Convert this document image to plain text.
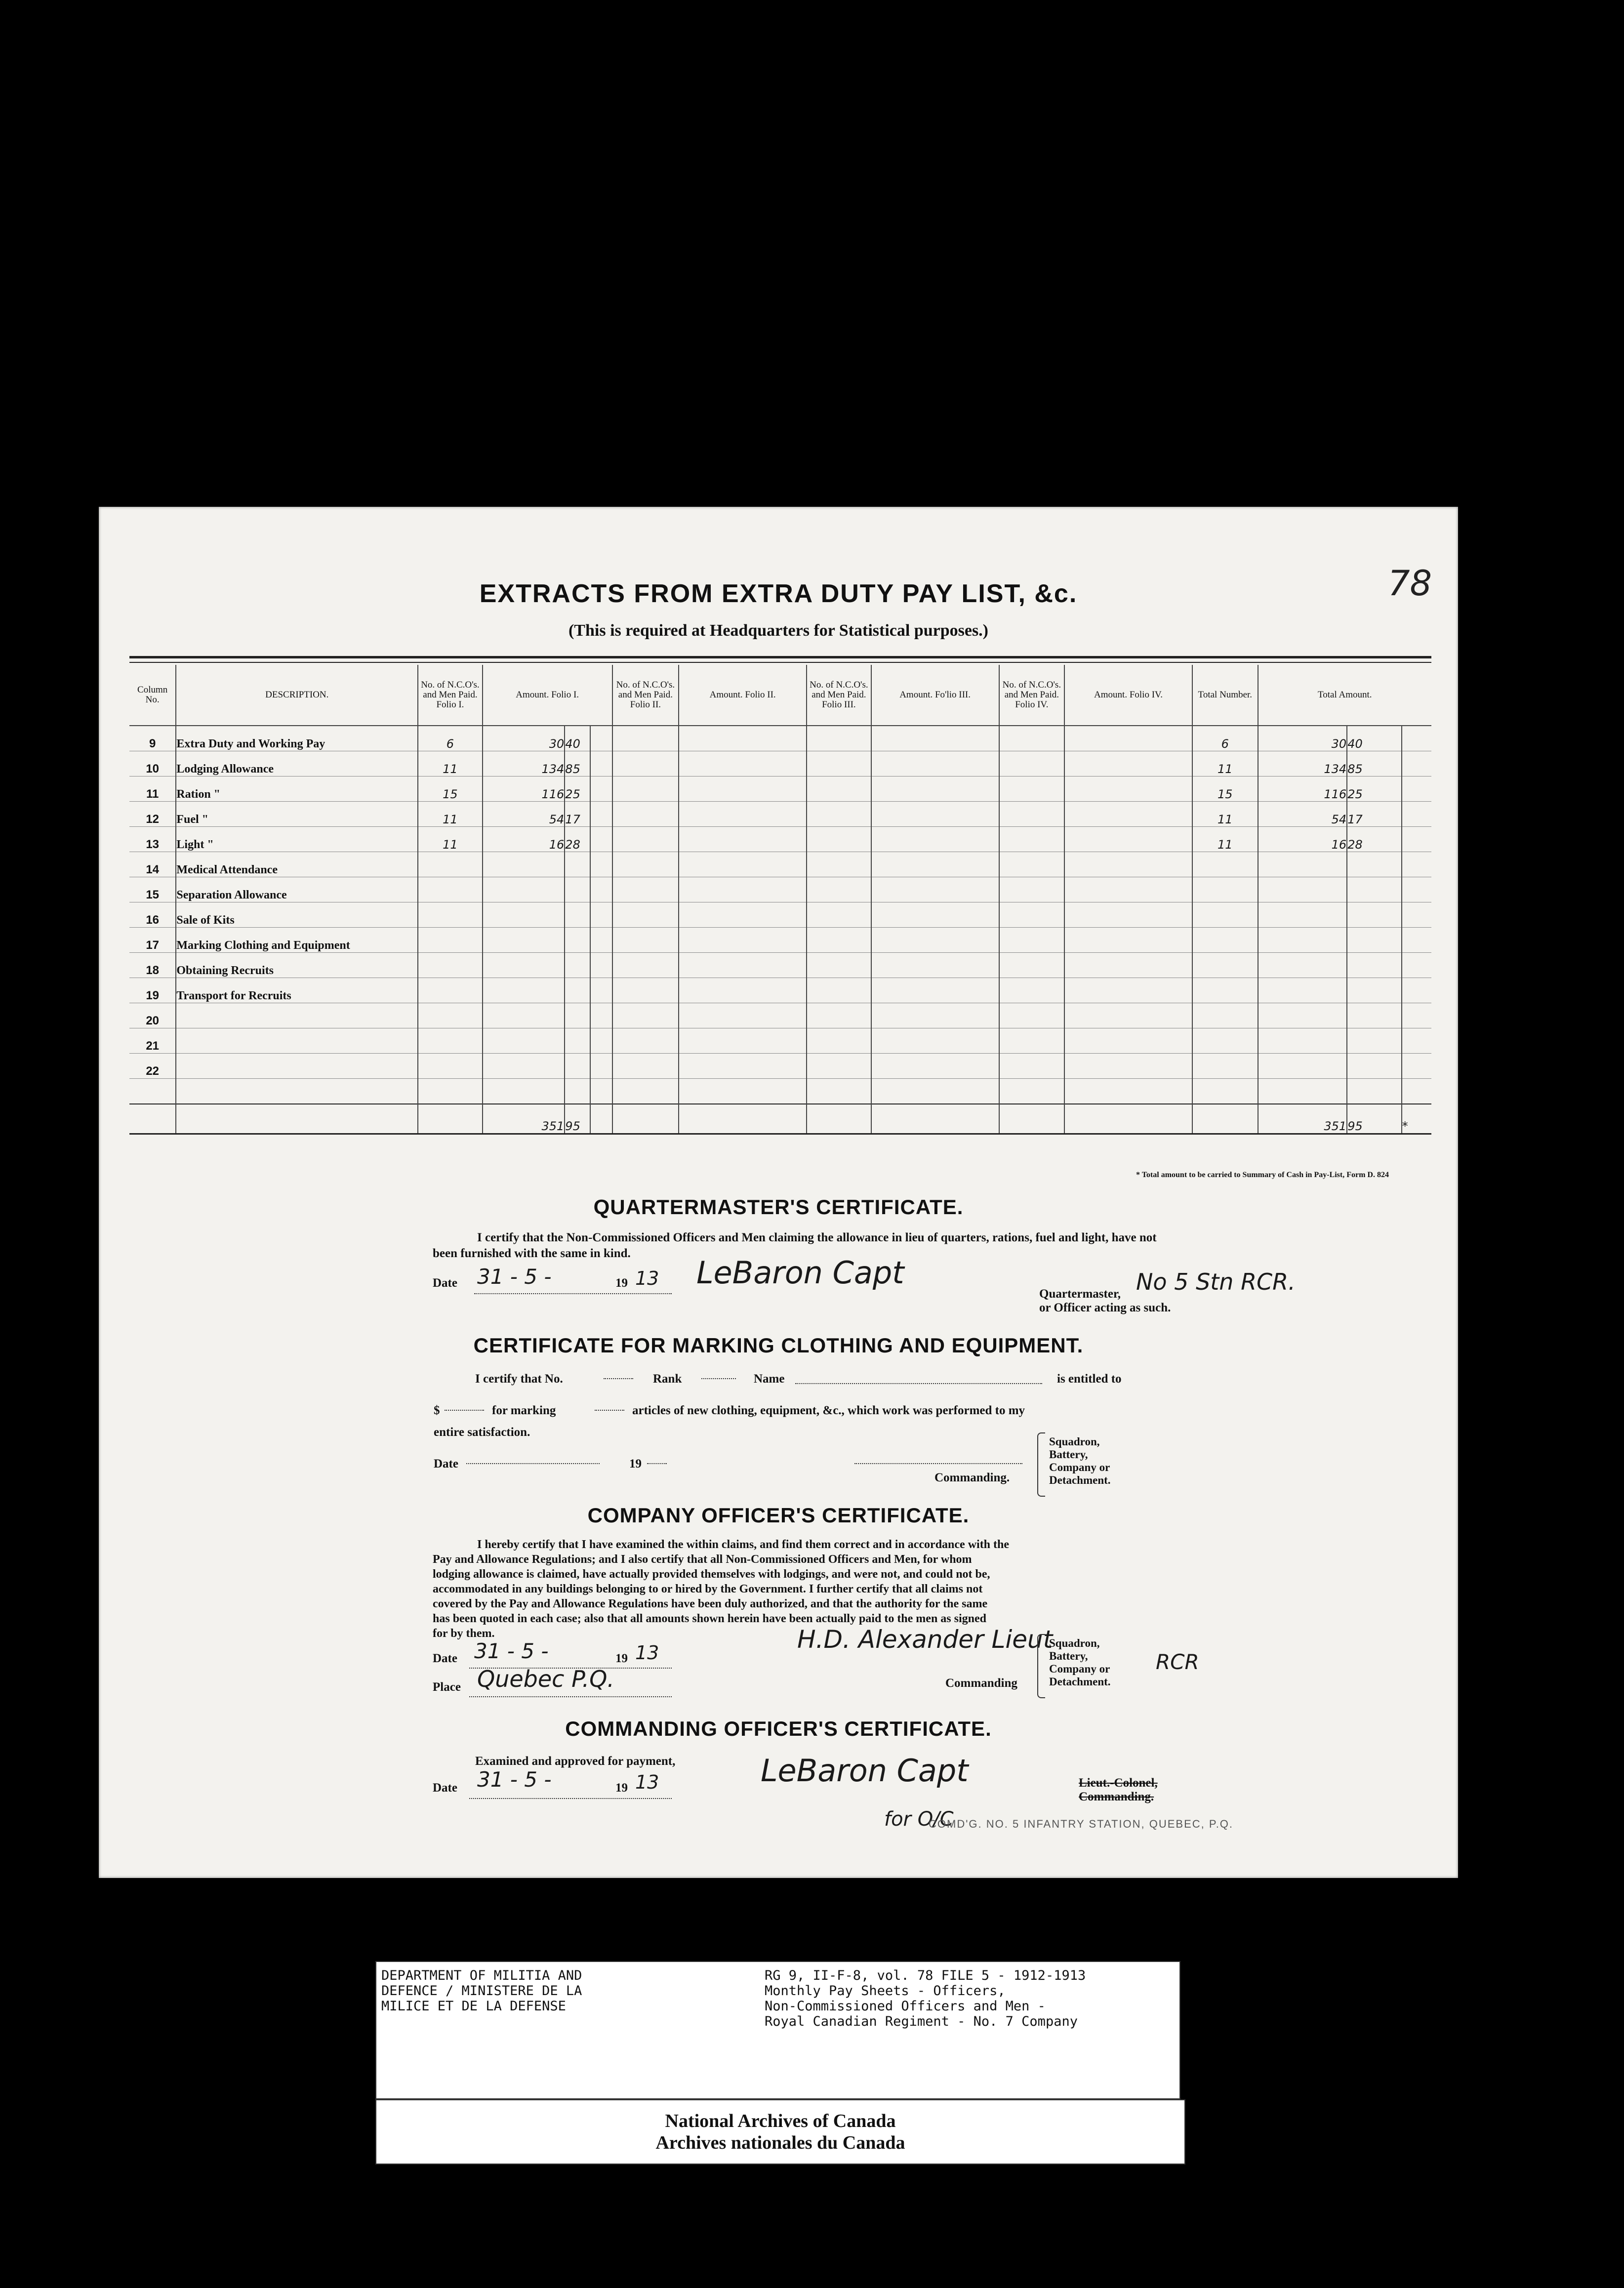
78
EXTRACTS FROM EXTRA DUTY PAY LIST, &c.
(This is required at Headquarters for Statistical purposes.)
Column No.	DESCRIPTION.	No. of N.C.O's. and Men Paid. Folio I.	Amount. Folio I.			No. of N.C.O's. and Men Paid. Folio II.	Amount. Folio II.	No. of N.C.O's. and Men Paid. Folio III.	Amount. Fo'lio III.	No. of N.C.O's. and Men Paid. Folio IV.	Amount. Folio IV.	Total Number.	Total Amount.		
9	Extra Duty and Working Pay	6	30	40								6	30	40	
10	Lodging Allowance	11	134	85								11	134	85	
11	Ration "	15	116	25								15	116	25	
12	Fuel "	11	54	17								11	54	17	
13	Light "	11	16	28								11	16	28	
14	Medical Attendance														
15	Separation Allowance														
16	Sale of Kits														
17	Marking Clothing and Equipment														
18	Obtaining Recruits														
19	Transport for Recruits														
20															
21															
22															

			351	95									351	95	*
* Total amount to be carried to Summary of Cash in Pay-List, Form D. 824
QUARTERMASTER'S CERTIFICATE.
I certify that the Non-Commissioned Officers and Men claiming the allowance in lieu of quarters, rations, fuel and light, have not been furnished with the same in kind.
Date 31 - 5 -	19 13 LeBaron Capt
Quartermaster,
or Officer acting as such.
No 5 Stn RCR.
CERTIFICATE FOR MARKING CLOTHING AND EQUIPMENT.
I certify that No.	Rank	Name	is entitled to
$	for marking	articles of new clothing, equipment, &c., which work was performed to my
entire satisfaction.
Date	19
Commanding.
Squadron,
Battery,
Company or
Detachment.
COMPANY OFFICER'S CERTIFICATE.
I hereby certify that I have examined the within claims, and find them correct and in accordance with the
Pay and Allowance Regulations; and I also certify that all Non-Commissioned Officers and Men, for whom
lodging allowance is claimed, have actually provided themselves with lodgings, and were not, and could not be,
accommodated in any buildings belonging to or hired by the Government. I further certify that all claims not
covered by the Pay and Allowance Regulations have been duly authorized, and that the authority for the same
has been quoted in each case; also that all amounts shown herein have been actually paid to the men as signed
for by them.
Date 31 - 5 -	19 13
Place Quebec P.Q.
H.D. Alexander Lieut
Commanding
RCR
Squadron,
Battery,
Company or
Detachment.
COMMANDING OFFICER'S CERTIFICATE.
Examined and approved for payment,
Date 31 - 5 -	19 13	LeBaron Capt
for O/C
Lieut.-Colonel,
Commanding.
COMD'G. NO. 5 INFANTRY STATION, QUEBEC, P.Q.
DEPARTMENT OF MILITIA AND
DEFENCE / MINISTERE DE LA
MILICE ET DE LA DEFENSE
RG 9, II-F-8, vol. 78 FILE 5 - 1912-1913
Monthly Pay Sheets - Officers,
Non-Commissioned Officers and Men -
Royal Canadian Regiment - No. 7 Company
National Archives of Canada
Archives nationales du Canada
